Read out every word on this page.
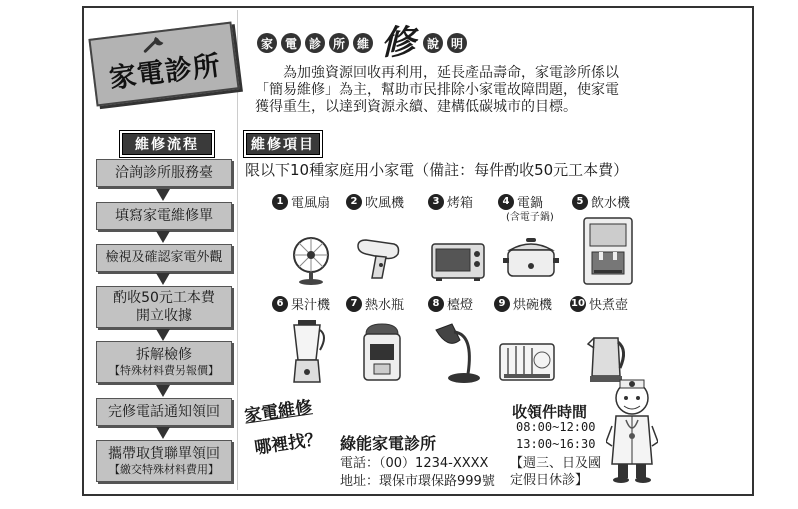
家電診所
家 電 診 所 維 修 說 明

為加強資源回收再利用，延長產品壽命，家電診所係以

「簡易維修」為主，幫助市民排除小家電故障問題，使家電

獲得重生，以達到資源永續、建構低碳城市的目標。

維修流程	維修項目
洽詢診所服務臺
填寫家電維修單
檢視及確認家電外觀
酌收50元工本費
開立收據
拆解檢修
【特殊材料費另報價】
完修電話通知領回
攜帶取貨聯單領回
【繳交特殊材料費用】
限以下10種家庭用小家電（備註：每件酌收50元工本費）
1 電風扇	2 吹風機	3 烤箱	4 電鍋	5 飲水機
(含電子鍋)
6 果汁機	7 熱水瓶	8 檯燈	9 烘碗機 10 快煮壺
家電維修
哪裡找？ 綠能家電診所
電話：（00）1234-XXXX
地址：環保市環保路999號
收領件時間
08:00~12:00
13:00~16:30
【週三、日及國
定假日休診】
